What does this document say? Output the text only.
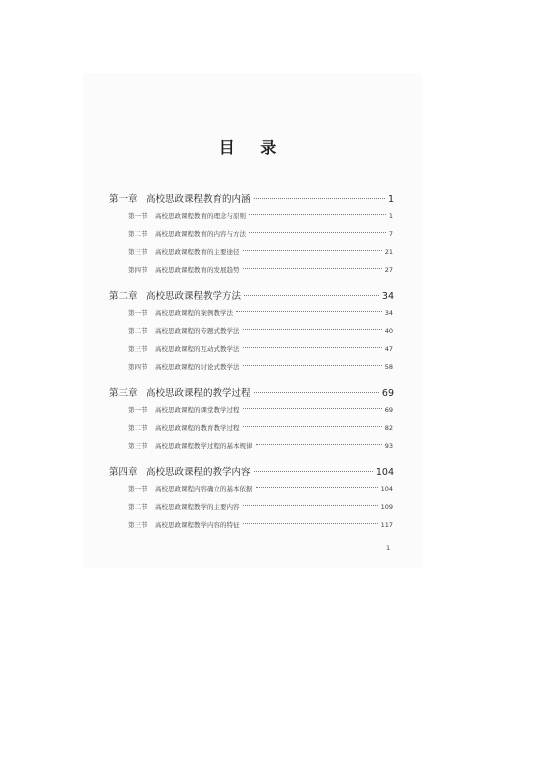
目 录
第一章 高校思政课程教育的内涵	1
第一节	高校思政课程教育的理念与原则	1
第二节	高校思政课程教育的内容与方法	7
第三节	高校思政课程教育的主要途径	21
第四节	高校思政课程教育的发展趋势	27
第二章 高校思政课程教学方法	34
第一节	高校思政课程的案例教学法	34
第二节	高校思政课程的专题式教学法	40
第三节	高校思政课程的互动式教学法	47
第四节	高校思政课程的讨论式教学法	58
第三章 高校思政课程的教学过程	69
第一节	高校思政课程的课堂教学过程	69
第二节	高校思政课程的教育教学过程	82
第三节	高校思政课程教学过程的基本规律	93
第四章 高校思政课程的教学内容	104
第一节	高校思政课程内容确立的基本依据	104
第二节	高校思政课程教学的主要内容	109
第三节	高校思政课程教学内容的特征	117
1
